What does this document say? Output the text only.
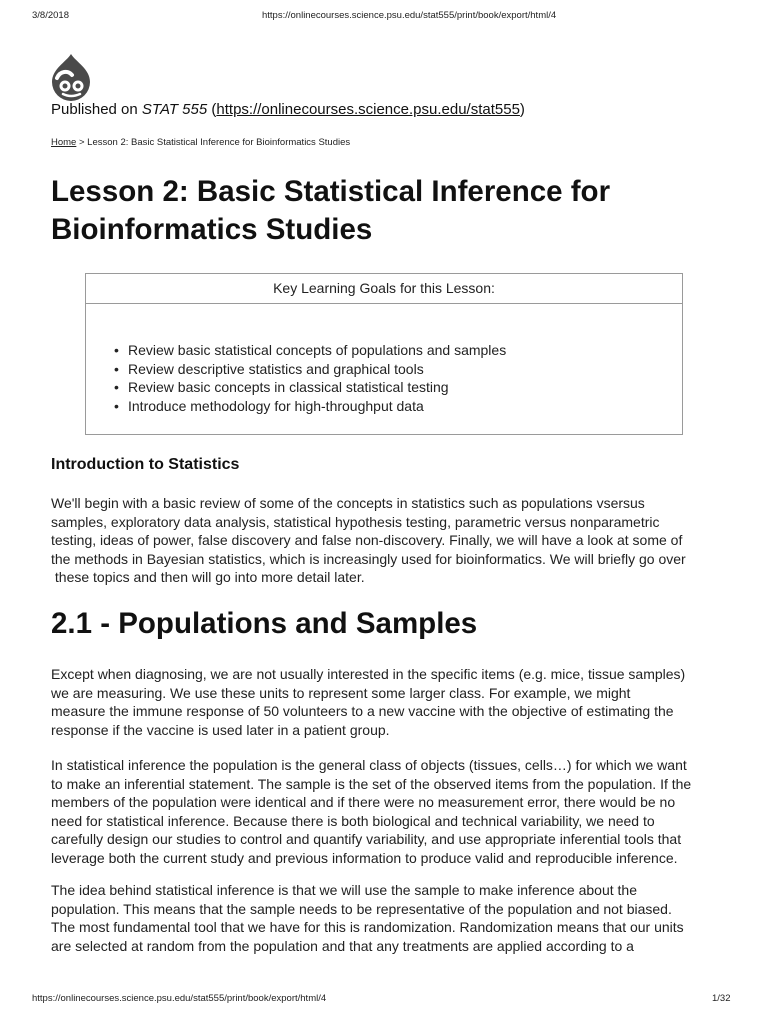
3/8/2018	https://onlinecourses.science.psu.edu/stat555/print/book/export/html/4
Published on STAT 555 (https://onlinecourses.science.psu.edu/stat555)
Home > Lesson 2: Basic Statistical Inference for Bioinformatics Studies
Lesson 2: Basic Statistical Inference for
Bioinformatics Studies
Key Learning Goals for this Lesson:
• Review basic statistical concepts of populations and samples
• Review descriptive statistics and graphical tools
• Review basic concepts in classical statistical testing
• Introduce methodology for high-throughput data
Introduction to Statistics

We'll begin with a basic review of some of the concepts in statistics such as populations vsersus
samples, exploratory data analysis, statistical hypothesis testing, parametric versus nonparametric
testing, ideas of power, false discovery and false non-discovery. Finally, we will have a look at some of
the methods in Bayesian statistics, which is increasingly used for bioinformatics. We will briefly go over
these topics and then will go into more detail later.

2.1 - Populations and Samples

Except when diagnosing, we are not usually interested in the specific items (e.g. mice, tissue samples)
we are measuring. We use these units to represent some larger class. For example, we might
measure the immune response of 50 volunteers to a new vaccine with the objective of estimating the
response if the vaccine is used later in a patient group.

In statistical inference the population is the general class of objects (tissues, cells…) for which we want
to make an inferential statement. The sample is the set of the observed items from the population. If the
members of the population were identical and if there were no measurement error, there would be no
need for statistical inference. Because there is both biological and technical variability, we need to
carefully design our studies to control and quantify variability, and use appropriate inferential tools that
leverage both the current study and previous information to produce valid and reproducible inference.

The idea behind statistical inference is that we will use the sample to make inference about the
population. This means that the sample needs to be representative of the population and not biased.
The most fundamental tool that we have for this is randomization. Randomization means that our units
are selected at random from the population and that any treatments are applied according to a

https://onlinecourses.science.psu.edu/stat555/print/book/export/html/4	1/32
